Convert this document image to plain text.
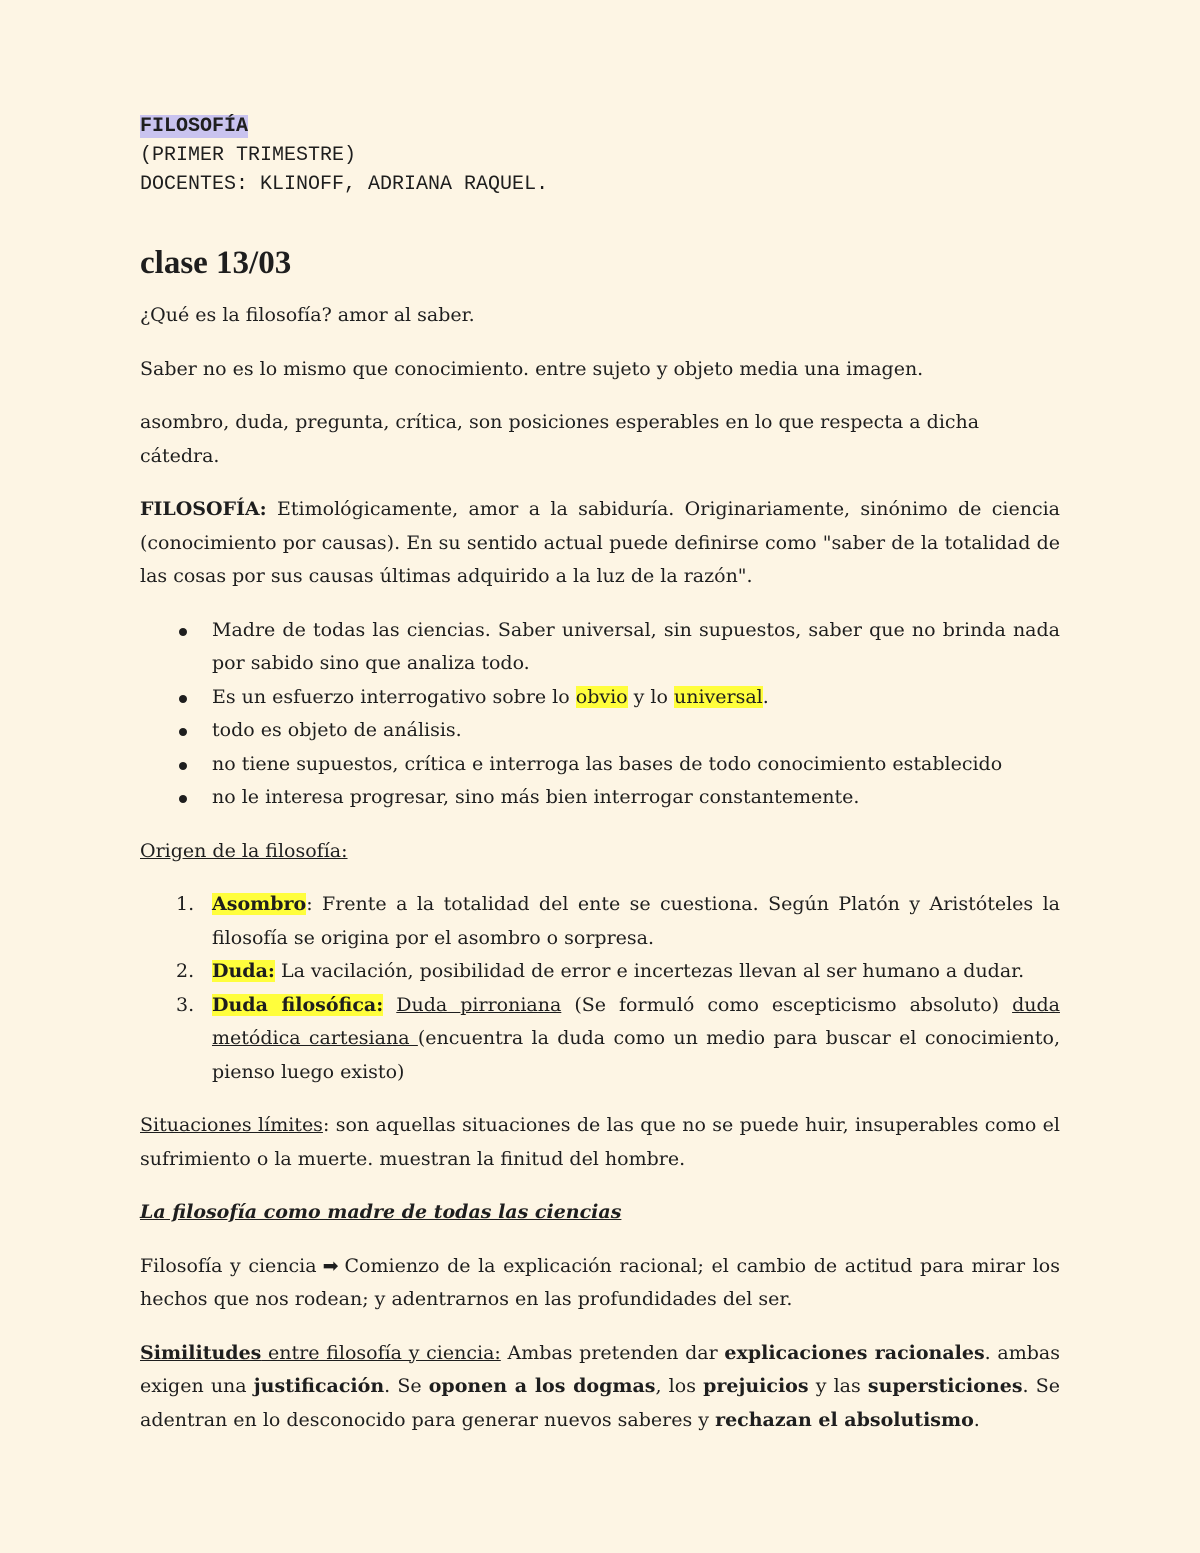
FILOSOFÍA
(PRIMER TRIMESTRE)
DOCENTES: KLINOFF, ADRIANA RAQUEL.
clase 13/03

¿Qué es la filosofía? amor al saber.

Saber no es lo mismo que conocimiento. entre sujeto y objeto media una imagen.

asombro, duda, pregunta, crítica, son posiciones esperables en lo que respecta a dicha cátedra.

FILOSOFÍA: Etimológicamente, amor a la sabiduría. Originariamente, sinónimo de ciencia (conocimiento por causas). En su sentido actual puede definirse como "saber de la totalidad de las cosas por sus causas últimas adquirido a la luz de la razón".

Madre de todas las ciencias. Saber universal, sin supuestos, saber que no brinda nada por sabido sino que analiza todo.
Es un esfuerzo interrogativo sobre lo obvio y lo universal.
todo es objeto de análisis.
no tiene supuestos, crítica e interroga las bases de todo conocimiento establecido
no le interesa progresar, sino más bien interrogar constantemente.

Origen de la filosofía:

Asombro: Frente a la totalidad del ente se cuestiona. Según Platón y Aristóteles la filosofía se origina por el asombro o sorpresa.
Duda: La vacilación, posibilidad de error e incertezas llevan al ser humano a dudar.
Duda filosófica: Duda pirroniana (Se formuló como escepticismo absoluto) duda metódica cartesiana (encuentra la duda como un medio para buscar el conocimiento, pienso luego existo)

Situaciones límites: son aquellas situaciones de las que no se puede huir, insuperables como el sufrimiento o la muerte. muestran la finitud del hombre.

La filosofía como madre de todas las ciencias

Filosofía y ciencia ➡ Comienzo de la explicación racional; el cambio de actitud para mirar los hechos que nos rodean; y adentrarnos en las profundidades del ser.

Similitudes entre filosofía y ciencia: Ambas pretenden dar explicaciones racionales. ambas exigen una justificación. Se oponen a los dogmas, los prejuicios y las supersticiones. Se adentran en lo desconocido para generar nuevos saberes y rechazan el absolutismo.
